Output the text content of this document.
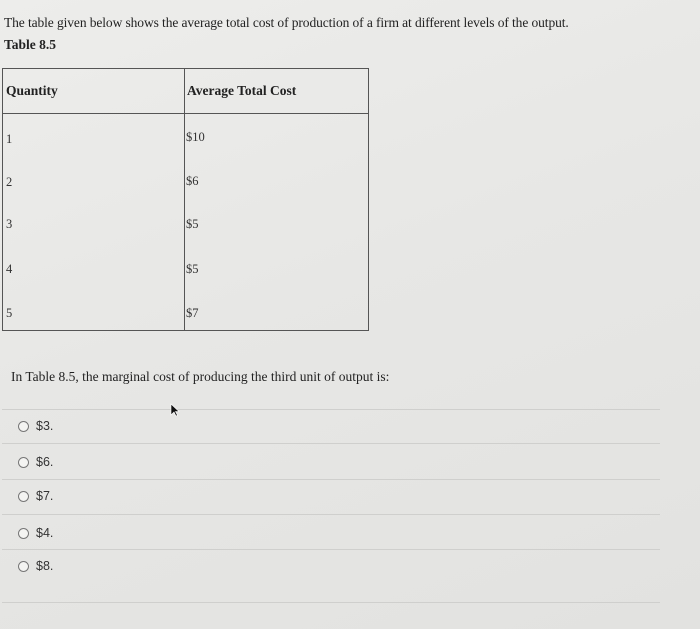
The table given below shows the average total cost of production of a firm at different levels of the output.
Table 8.5
Quantity	Average Total Cost
1	$10
2	$6
3	$5
4	$5
5	$7
In Table 8.5, the marginal cost of producing the third unit of output is:
$3.
$6.
$7.
$4.
$8.
